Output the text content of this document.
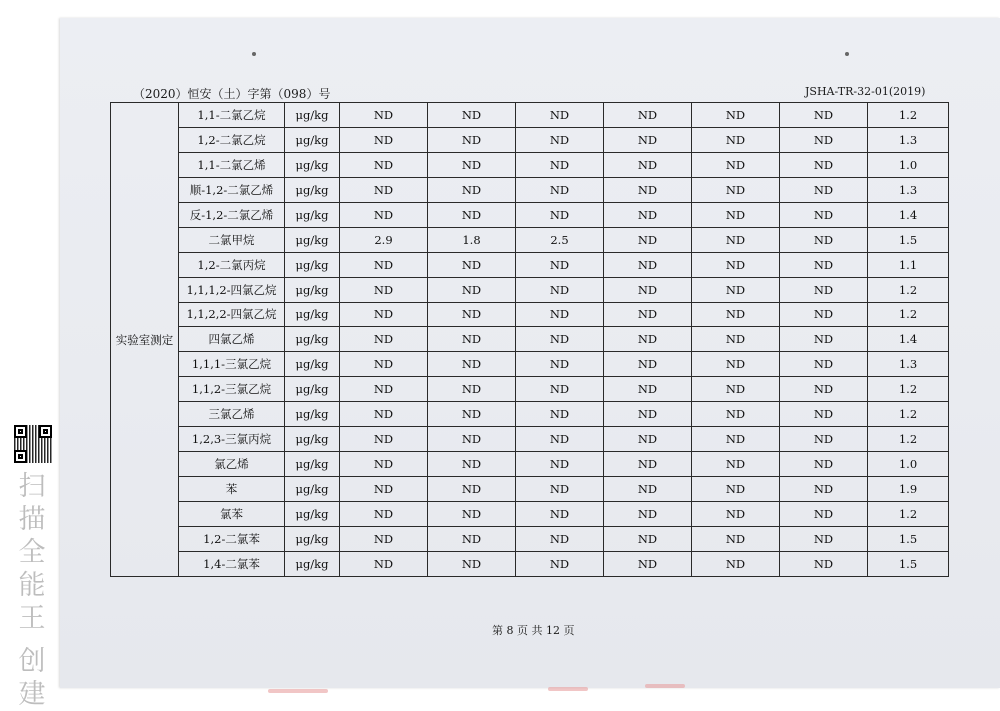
（2020）恒安（土）字第（098）号	JSHA-TR-32-01(2019)
实验室测定	1,1-二氯乙烷	μg/kg	ND	ND	ND	ND	ND	ND	1.2
	1,2-二氯乙烷	μg/kg	ND	ND	ND	ND	ND	ND	1.3
	1,1-二氯乙烯	μg/kg	ND	ND	ND	ND	ND	ND	1.0
	顺-1,2-二氯乙烯	μg/kg	ND	ND	ND	ND	ND	ND	1.3
	反-1,2-二氯乙烯	μg/kg	ND	ND	ND	ND	ND	ND	1.4
	二氯甲烷	μg/kg	2.9	1.8	2.5	ND	ND	ND	1.5
	1,2-二氯丙烷	μg/kg	ND	ND	ND	ND	ND	ND	1.1
	1,1,1,2-四氯乙烷	μg/kg	ND	ND	ND	ND	ND	ND	1.2
	1,1,2,2-四氯乙烷	μg/kg	ND	ND	ND	ND	ND	ND	1.2
	四氯乙烯	μg/kg	ND	ND	ND	ND	ND	ND	1.4
	1,1,1-三氯乙烷	μg/kg	ND	ND	ND	ND	ND	ND	1.3
	1,1,2-三氯乙烷	μg/kg	ND	ND	ND	ND	ND	ND	1.2
	三氯乙烯	μg/kg	ND	ND	ND	ND	ND	ND	1.2
	1,2,3-三氯丙烷	μg/kg	ND	ND	ND	ND	ND	ND	1.2
	氯乙烯	μg/kg	ND	ND	ND	ND	ND	ND	1.0
	苯	μg/kg	ND	ND	ND	ND	ND	ND	1.9
	氯苯	μg/kg	ND	ND	ND	ND	ND	ND	1.2
	1,2-二氯苯	μg/kg	ND	ND	ND	ND	ND	ND	1.5
	1,4-二氯苯	μg/kg	ND	ND	ND	ND	ND	ND	1.5
第 8 页 共 12 页
扫描全能王
创建
